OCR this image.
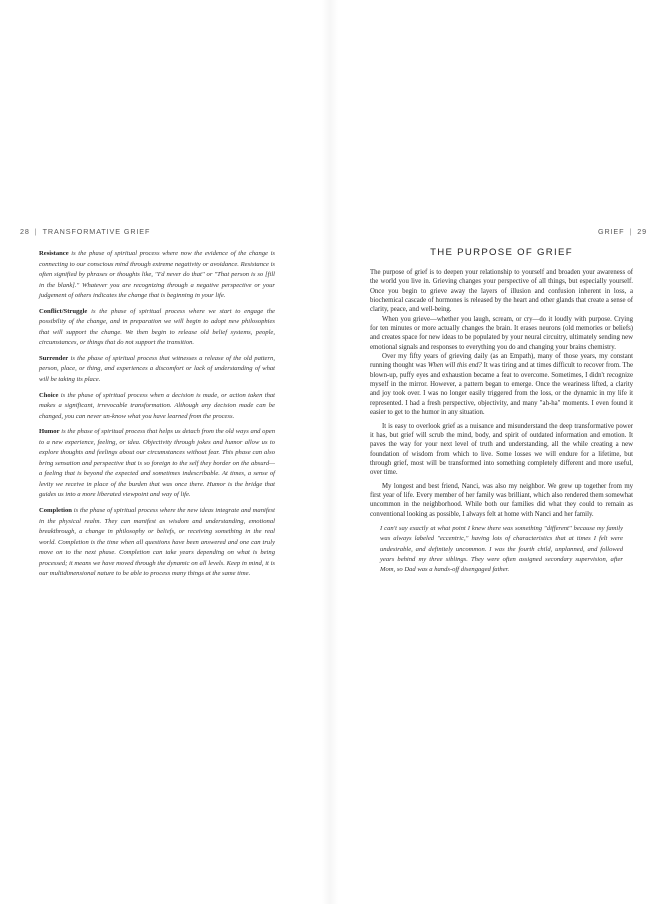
28 | TRANSFORMATIVE GRIEF

Resistance is the phase of spiritual process where now the evidence of the change is connecting to our conscious mind through extreme negativity or avoidance. Resistance is often signified by phrases or thoughts like, "I'd never do that" or "That person is so [fill in the blank]." Whatever you are recognizing through a negative perspective or your judgement of others indicates the change that is beginning in your life.

Conflict/Struggle is the phase of spiritual process where we start to engage the possibility of the change, and in preparation we will begin to adopt new philosophies that will support the change. We then begin to release old belief systems, people, circumstances, or things that do not support the transition.

Surrender is the phase of spiritual process that witnesses a release of the old pattern, person, place, or thing, and experiences a discomfort or lack of understanding of what will be taking its place.

Choice is the phase of spiritual process when a decision is made, or action taken that makes a significant, irrevocable transformation. Although any decision made can be changed, you can never un-know what you have learned from the process.

Humor is the phase of spiritual process that helps us detach from the old ways and open to a new experience, feeling, or idea. Objectivity through jokes and humor allow us to explore thoughts and feelings about our circumstances without fear. This phase can also bring sensation and perspective that is so foreign to the self they border on the absurd—a feeling that is beyond the expected and sometimes indescribable. At times, a sense of levity we receive in place of the burden that was once there. Humor is the bridge that guides us into a more liberated viewpoint and way of life.

Completion is the phase of spiritual process where the new ideas integrate and manifest in the physical realm. They can manifest as wisdom and understanding, emotional breakthrough, a change in philosophy or beliefs, or receiving something in the real world. Completion is the time when all questions have been answered and one can truly move on to the next phase. Completion can take years depending on what is being processed; it means we have moved through the dynamic on all levels. Keep in mind, it is our multidimensional nature to be able to process many things at the same time.

GRIEF | 29
THE PURPOSE OF GRIEF

The purpose of grief is to deepen your relationship to yourself and broaden your awareness of the world you live in. Grieving changes your perspective of all things, but especially yourself. Once you begin to grieve away the layers of illusion and confusion inherent in loss, a biochemical cascade of hormones is released by the heart and other glands that create a sense of clarity, peace, and well-being.

When you grieve—whether you laugh, scream, or cry—do it loudly with purpose. Crying for ten minutes or more actually changes the brain. It erases neurons (old memories or beliefs) and creates space for new ideas to be populated by your neural circuitry, ultimately sending new emotional signals and responses to everything you do and changing your brains chemistry.

Over my fifty years of grieving daily (as an Empath), many of those years, my constant running thought was When will this end? It was tiring and at times difficult to recover from. The blown-up, puffy eyes and exhaustion became a feat to overcome. Sometimes, I didn't recognize myself in the mirror. However, a pattern began to emerge. Once the weariness lifted, a clarity and joy took over. I was no longer easily triggered from the loss, or the dynamic in my life it represented. I had a fresh perspective, objectivity, and many "ah-ha" moments. I even found it easier to get to the humor in any situation.

It is easy to overlook grief as a nuisance and misunderstand the deep transformative power it has, but grief will scrub the mind, body, and spirit of outdated information and emotion. It paves the way for your next level of truth and understanding, all the while creating a new foundation of wisdom from which to live. Some losses we will endure for a lifetime, but through grief, most will be transformed into something completely different and more useful, over time.

My longest and best friend, Nanci, was also my neighbor. We grew up together from my first year of life. Every member of her family was brilliant, which also rendered them somewhat uncommon in the neighborhood. While both our families did what they could to remain as conventional looking as possible, I always felt at home with Nanci and her family.

I can't say exactly at what point I knew there was something "different" because my family was always labeled "eccentric," having lots of characteristics that at times I felt were undesirable, and definitely uncommon. I was the fourth child, unplanned, and followed years behind my three siblings. They were often assigned secondary supervision, after Mom, so Dad was a hands-off disengaged father.
